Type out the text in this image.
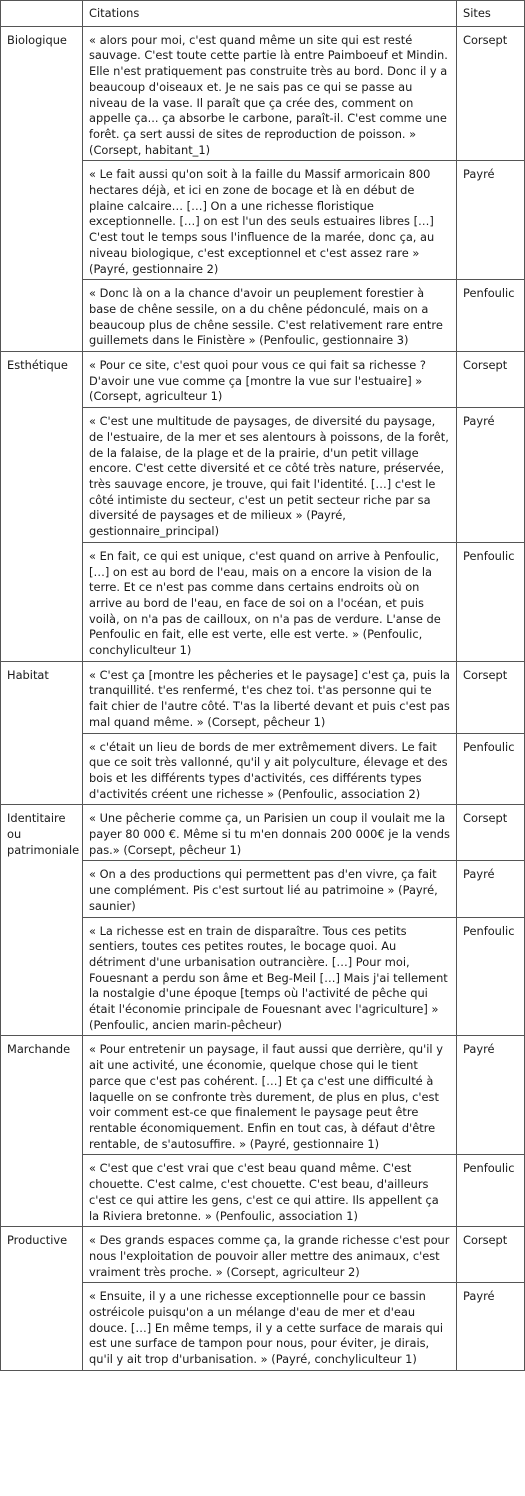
	Citations	Sites
Biologique	« alors pour moi, c'est quand même un site qui est resté sauvage. C'est toute cette partie là entre Paimboeuf et Mindin. Elle n'est pratiquement pas construite très au bord. Donc il y a beaucoup d'oiseaux et. Je ne sais pas ce qui se passe au niveau de la vase. Il paraît que ça crée des, comment on appelle ça... ça absorbe le carbone, paraît-il. C'est comme une forêt. ça sert aussi de sites de reproduction de poisson. » (Corsept, habitant_1)	Corsept
	« Le fait aussi qu'on soit à la faille du Massif armoricain 800 hectares déjà, et ici en zone de bocage et là en début de plaine calcaire… […] On a une richesse floristique exceptionnelle. […] on est l'un des seuls estuaires libres […] C'est tout le temps sous l'influence de la marée, donc ça, au niveau biologique, c'est exceptionnel et c'est assez rare » (Payré, gestionnaire 2)	Payré
	« Donc là on a la chance d'avoir un peuplement forestier à base de chêne sessile, on a du chêne pédonculé, mais on a beaucoup plus de chêne sessile. C'est relativement rare entre guillemets dans le Finistère » (Penfoulic, gestionnaire 3)	Penfoulic
Esthétique	« Pour ce site, c'est quoi pour vous ce qui fait sa richesse ? D'avoir une vue comme ça [montre la vue sur l'estuaire] » (Corsept, agriculteur 1)	Corsept
	« C'est une multitude de paysages, de diversité du paysage, de l'estuaire, de la mer et ses alentours à poissons, de la forêt, de la falaise, de la plage et de la prairie, d'un petit village encore. C'est cette diversité et ce côté très nature, préservée, très sauvage encore, je trouve, qui fait l'identité. […] c'est le côté intimiste du secteur, c'est un petit secteur riche par sa diversité de paysages et de milieux » (Payré, gestionnaire_principal)	Payré
	« En fait, ce qui est unique, c'est quand on arrive à Penfoulic, […] on est au bord de l'eau, mais on a encore la vision de la terre. Et ce n'est pas comme dans certains endroits où on arrive au bord de l'eau, en face de soi on a l'océan, et puis voilà, on n'a pas de cailloux, on n'a pas de verdure. L'anse de Penfoulic en fait, elle est verte, elle est verte. » (Penfoulic, conchyliculteur 1)	Penfoulic
Habitat	« C'est ça [montre les pêcheries et le paysage] c'est ça, puis la tranquillité. t'es renfermé, t'es chez toi. t'as personne qui te fait chier de l'autre côté. T'as la liberté devant et puis c'est pas mal quand même. » (Corsept, pêcheur 1)	Corsept
	« c'était un lieu de bords de mer extrêmement divers. Le fait que ce soit très vallonné, qu'il y ait polyculture, élevage et des bois et les différents types d'activités, ces différents types d'activités créent une richesse » (Penfoulic, association 2)	Penfoulic
Identitaire ou patrimoniale	« Une pêcherie comme ça, un Parisien un coup il voulait me la payer 80 000 €. Même si tu m'en donnais 200 000€ je la vends pas.» (Corsept, pêcheur 1)	Corsept
	« On a des productions qui permettent pas d'en vivre, ça fait une complément. Pis c'est surtout lié au patrimoine » (Payré, saunier)	Payré
	« La richesse est en train de disparaître. Tous ces petits sentiers, toutes ces petites routes, le bocage quoi. Au détriment d'une urbanisation outrancière. […] Pour moi, Fouesnant a perdu son âme et Beg-Meil […] Mais j'ai tellement la nostalgie d'une époque [temps où l'activité de pêche qui était l'économie principale de Fouesnant avec l'agriculture] » (Penfoulic, ancien marin-pêcheur)	Penfoulic
Marchande	« Pour entretenir un paysage, il faut aussi que derrière, qu'il y ait une activité, une économie, quelque chose qui le tient parce que c'est pas cohérent. […] Et ça c'est une difficulté à laquelle on se confronte très durement, de plus en plus, c'est voir comment est-ce que finalement le paysage peut être rentable économiquement. Enfin en tout cas, à défaut d'être rentable, de s'autosuffire. » (Payré, gestionnaire 1)	Payré
	« C'est que c'est vrai que c'est beau quand même. C'est chouette. C'est calme, c'est chouette. C'est beau, d'ailleurs c'est ce qui attire les gens, c'est ce qui attire. Ils appellent ça la Riviera bretonne. » (Penfoulic, association 1)	Penfoulic
Productive	« Des grands espaces comme ça, la grande richesse c'est pour nous l'exploitation de pouvoir aller mettre des animaux, c'est vraiment très proche. » (Corsept, agriculteur 2)	Corsept
	« Ensuite, il y a une richesse exceptionnelle pour ce bassin ostréicole puisqu'on a un mélange d'eau de mer et d'eau douce. […] En même temps, il y a cette surface de marais qui est une surface de tampon pour nous, pour éviter, je dirais, qu'il y ait trop d'urbanisation. » (Payré, conchyliculteur 1)	Payré
